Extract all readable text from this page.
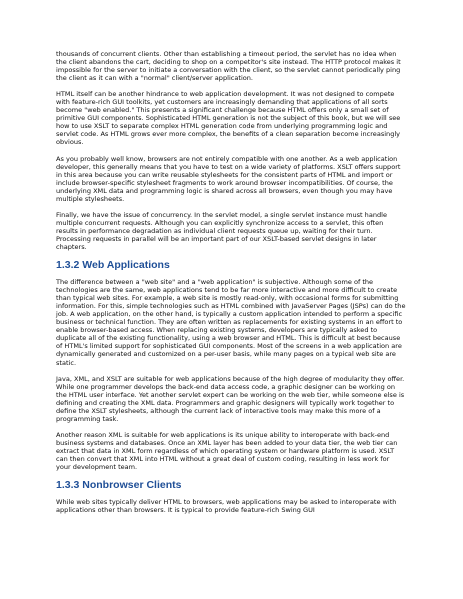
thousands of concurrent clients. Other than establishing a timeout period, the servlet has no idea when the client abandons the cart, deciding to shop on a competitor's site instead. The HTTP protocol makes it impossible for the server to initiate a conversation with the client, so the servlet cannot periodically ping the client as it can with a "normal" client/server application.

HTML itself can be another hindrance to web application development. It was not designed to compete with feature-rich GUI toolkits, yet customers are increasingly demanding that applications of all sorts become "web enabled." This presents a significant challenge because HTML offers only a small set of primitive GUI components. Sophisticated HTML generation is not the subject of this book, but we will see how to use XSLT to separate complex HTML generation code from underlying programming logic and servlet code. As HTML grows ever more complex, the benefits of a clean separation become increasingly obvious.

As you probably well know, browsers are not entirely compatible with one another. As a web application developer, this generally means that you have to test on a wide variety of platforms. XSLT offers support in this area because you can write reusable stylesheets for the consistent parts of HTML and import or include browser-specific stylesheet fragments to work around browser incompatibilities. Of course, the underlying XML data and programming logic is shared across all browsers, even though you may have multiple stylesheets.

Finally, we have the issue of concurrency. In the servlet model, a single servlet instance must handle multiple concurrent requests. Although you can explicitly synchronize access to a servlet, this often results in performance degradation as individual client requests queue up, waiting for their turn. Processing requests in parallel will be an important part of our XSLT-based servlet designs in later chapters.

1.3.2 Web Applications

The difference between a "web site" and a "web application" is subjective. Although some of the technologies are the same, web applications tend to be far more interactive and more difficult to create than typical web sites. For example, a web site is mostly read-only, with occasional forms for submitting information. For this, simple technologies such as HTML combined with JavaServer Pages (JSPs) can do the job. A web application, on the other hand, is typically a custom application intended to perform a specific business or technical function. They are often written as replacements for existing systems in an effort to enable browser-based access. When replacing existing systems, developers are typically asked to duplicate all of the existing functionality, using a web browser and HTML. This is difficult at best because of HTML's limited support for sophisticated GUI components. Most of the screens in a web application are dynamically generated and customized on a per-user basis, while many pages on a typical web site are static.

Java, XML, and XSLT are suitable for web applications because of the high degree of modularity they offer. While one programmer develops the back-end data access code, a graphic designer can be working on the HTML user interface. Yet another servlet expert can be working on the web tier, while someone else is defining and creating the XML data. Programmers and graphic designers will typically work together to define the XSLT stylesheets, although the current lack of interactive tools may make this more of a programming task.

Another reason XML is suitable for web applications is its unique ability to interoperate with back-end business systems and databases. Once an XML layer has been added to your data tier, the web tier can extract that data in XML form regardless of which operating system or hardware platform is used. XSLT can then convert that XML into HTML without a great deal of custom coding, resulting in less work for your development team.

1.3.3 Nonbrowser Clients

While web sites typically deliver HTML to browsers, web applications may be asked to interoperate with applications other than browsers. It is typical to provide feature-rich Swing GUI
